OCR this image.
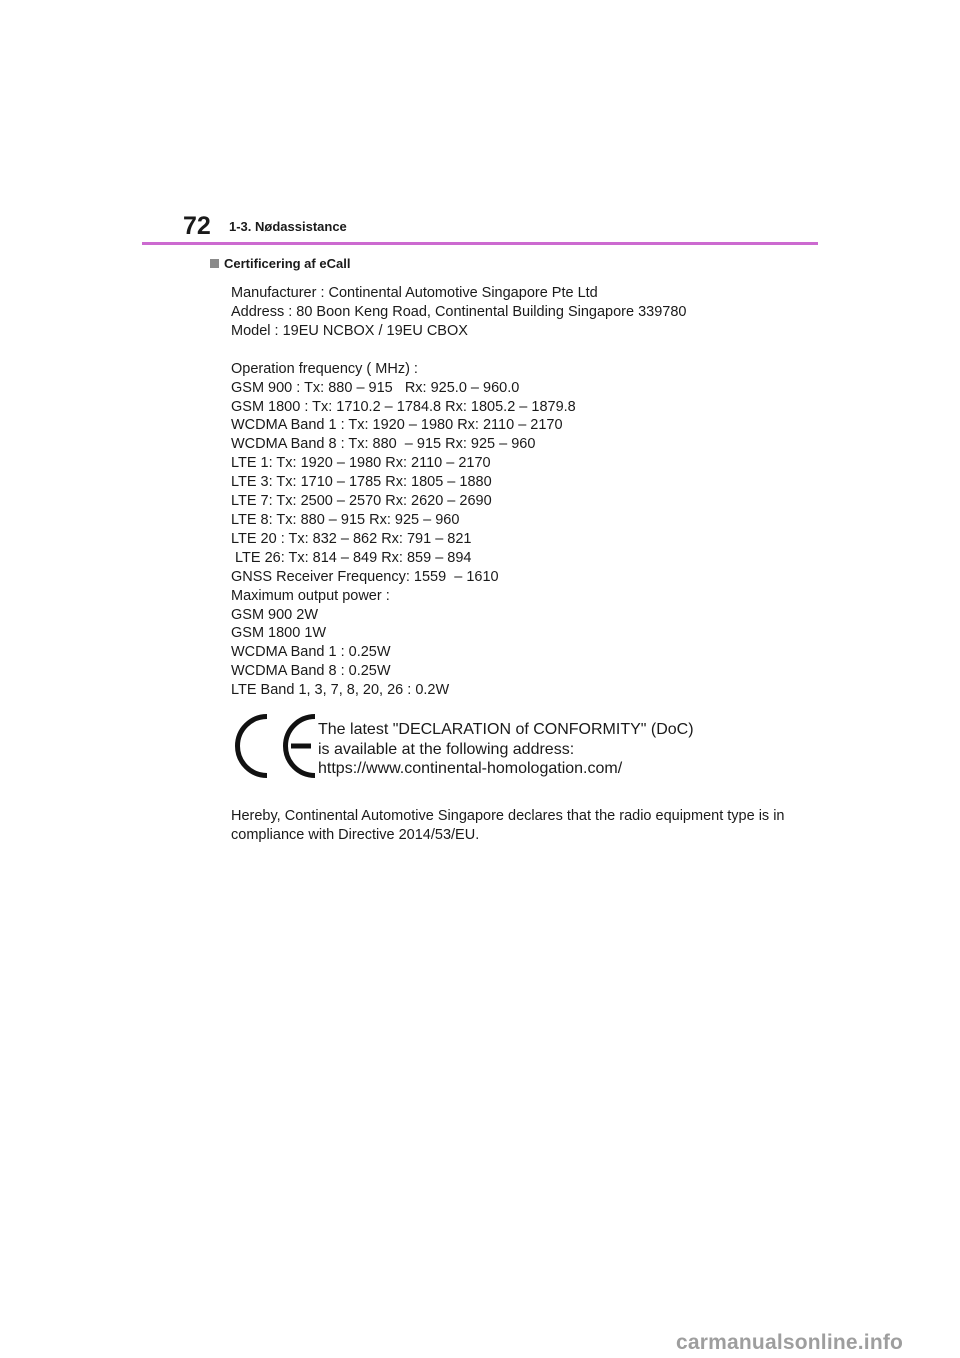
72 1-3. Nødassistance
Certificering af eCall
Manufacturer : Continental Automotive Singapore Pte Ltd
Address : 80 Boon Keng Road, Continental Building Singapore 339780
Model : 19EU NCBOX / 19EU CBOX
Operation frequency ( MHz) :
GSM 900 : Tx: 880 – 915   Rx: 925.0 – 960.0
GSM 1800 : Tx: 1710.2 – 1784.8 Rx: 1805.2 – 1879.8
WCDMA Band 1 : Tx: 1920 – 1980 Rx: 2110 – 2170
WCDMA Band 8 : Tx: 880  – 915 Rx: 925 – 960
LTE 1: Tx: 1920 – 1980 Rx: 2110 – 2170
LTE 3: Tx: 1710 – 1785 Rx: 1805 – 1880
LTE 7: Tx: 2500 – 2570 Rx: 2620 – 2690
LTE 8: Tx: 880 – 915 Rx: 925 – 960
LTE 20 : Tx: 832 – 862 Rx: 791 – 821
LTE 26: Tx: 814 – 849 Rx: 859 – 894
GNSS Receiver Frequency: 1559  – 1610
Maximum output power :
GSM 900 2W
GSM 1800 1W
WCDMA Band 1 : 0.25W
WCDMA Band 8 : 0.25W
LTE Band 1, 3, 7, 8, 20, 26 : 0.2W
The latest "DECLARATION of CONFORMITY" (DoC)
is available at the following address:
https://www.continental-homologation.com/
Hereby, Continental Automotive Singapore declares that the radio equipment type is in compliance with Directive 2014/53/EU.
carmanualsonline.info
